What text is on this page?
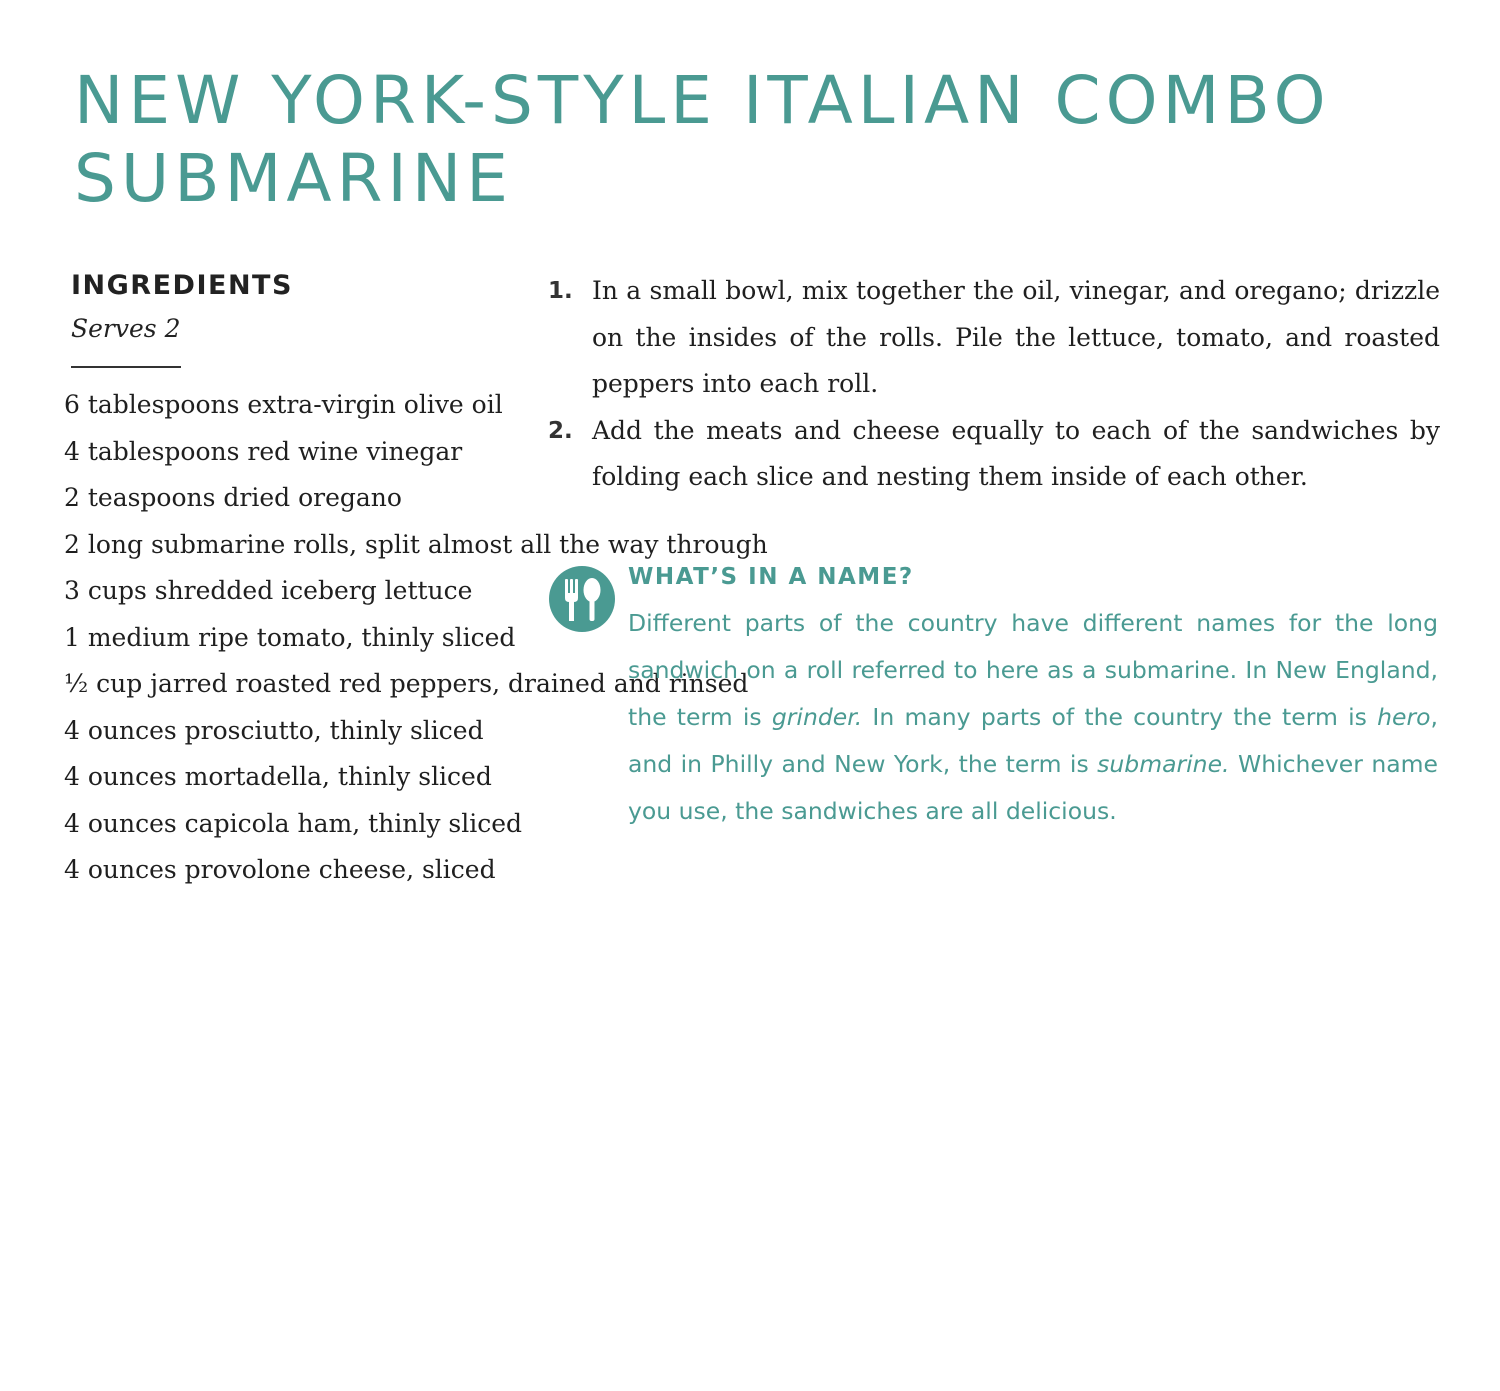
NEW YORK-STYLE ITALIAN COMBO
SUBMARINE
INGREDIENTS
Serves 2
6 tablespoons extra-virgin olive oil
4 tablespoons red wine vinegar
2 teaspoons dried oregano
2 long submarine rolls, split almost all the way through
3 cups shredded iceberg lettuce
1 medium ripe tomato, thinly sliced
½ cup jarred roasted red peppers, drained and rinsed
4 ounces prosciutto, thinly sliced
4 ounces mortadella, thinly sliced
4 ounces capicola ham, thinly sliced
4 ounces provolone cheese, sliced
1. In a small bowl, mix together the oil, vinegar, and oregano; drizzle on the insides of the rolls. Pile the lettuce, tomato, and roasted peppers into each roll.
2. Add the meats and cheese equally to each of the sandwiches by folding each slice and nesting them inside of each other.
WHAT’S IN A NAME?

Different parts of the country have different names for the long sandwich on a roll referred to here as a submarine. In New England, the term is grinder. In many parts of the country the term is hero, and in Philly and New York, the term is submarine. Whichever name you use, the sandwiches are all delicious.
